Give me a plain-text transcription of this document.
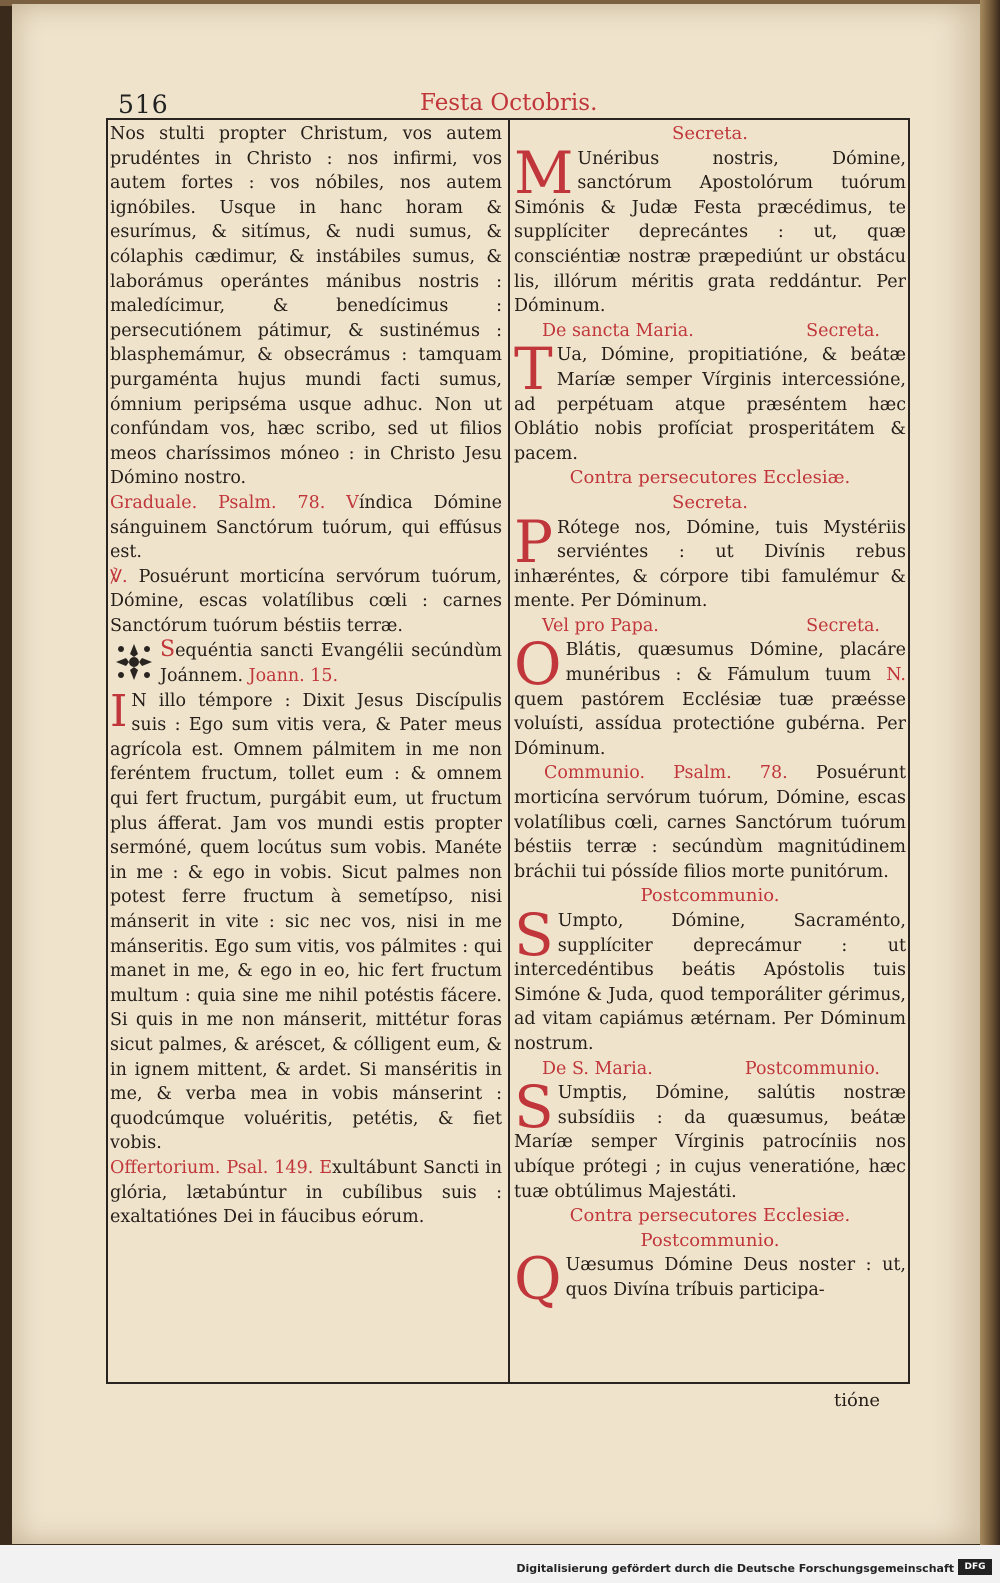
516	Festa Octobris.

Nos stulti propter Christum, vos autem prudéntes in Christo : nos infirmi, vos autem fortes : vos nóbiles, nos autem ignóbiles. Usque in hanc horam & esurímus, & sitímus, & nudi sumus, & cólaphis cædimur, & instábiles sumus, & laborámus operántes mánibus nostris : maledícimur, & benedícimus : persecutiónem pátimur, & sustinémus : blasphemámur, & obsecrámus : tamquam purgaménta hujus mundi facti sumus, ómnium peripséma usque adhuc. Non ut confúndam vos, hæc scribo, sed ut filios meos charíssimos móneo : in Christo Jesu Dómino nostro.

Graduale. Psalm. 78. Víndica Dómine sánguinem Sanctórum tuórum, qui effúsus est.

℣. Posuérunt morticína servórum tuórum, Dómine, escas volatílibus cœli : carnes Sanctórum tuórum béstiis terræ.

Sequéntia sancti Evangélii secúndùm Joánnem. Joann. 15.

I N illo témpore : Dixit Jesus Discípulis suis : Ego sum vitis vera, & Pater meus agrícola est. Omnem pálmitem in me non feréntem fructum, tollet eum : & omnem qui fert fructum, purgábit eum, ut fructum plus áfferat. Jam vos mundi estis propter sermóné, quem locútus sum vobis. Manéte in me : & ego in vobis. Sicut palmes non potest ferre fructum à semetípso, nisi mánserit in vite : sic nec vos, nisi in me mánseritis. Ego sum vitis, vos pálmites : qui manet in me, & ego in eo, hic fert fructum multum : quia sine me nihil potéstis fácere. Si quis in me non mánserit, mittétur foras sicut palmes, & aréscet, & cólligent eum, & in ignem mittent, & ardet. Si manséritis in me, & verba mea in vobis mánserint : quodcúmque voluéritis, petétis, & fiet vobis.

Offertorium. Psal. 149. Exultábunt Sancti in glória, lætabúntur in cubílibus suis : exaltatiónes Dei in fáucibus eórum.

Secreta.

M Unéribus nostris, Dómine, sanctórum Apostolórum tuórum Simónis & Judæ Festa præcédimus, te supplíciter deprecántes : ut, quæ consciéntiæ nostræ præpediúnt ur obstácu lis, illórum méritis grata reddántur. Per Dóminum.

De sancta Maria.	Secreta.

T Ua, Dómine, propitiatióne, & beátæ Maríæ semper Vírginis intercessióne, ad perpétuam atque præséntem hæc Oblátio nobis profíciat prosperitátem & pacem.

Contra persecutores Ecclesiæ.

Secreta.

P Rótege nos, Dómine, tuis Mystériis serviéntes : ut Divínis rebus inhæréntes, & córpore tibi famulémur & mente. Per Dóminum.

Vel pro Papa.	Secreta.

O Blátis, quæsumus Dómine, placáre munéribus : & Fámulum tuum N. quem pastórem Ecclésiæ tuæ præésse voluísti, assídua protectióne gubérna. Per Dóminum.

Communio. Psalm. 78. Posuérunt morticína servórum tuórum, Dómine, escas volatílibus cœli, carnes Sanctórum tuórum béstiis terræ : secúndùm magnitúdinem bráchii tui póssíde filios morte punitórum.

Postcommunio.

S Umpto, Dómine, Sacraménto, supplíciter deprecámur : ut intercedéntibus beátis Apóstolis tuis Simóne & Juda, quod temporáliter gérimus, ad vitam capiámus ætérnam. Per Dóminum nostrum.

De S. Maria.	Postcommunio.

S Umptis, Dómine, salútis nostræ subsídiis : da quæsumus, beátæ Maríæ semper Vírginis patrocíniis nos ubíque prótegi ; in cujus veneratióne, hæc tuæ obtúlimus Majestáti.

Contra persecutores Ecclesiæ.

Postcommunio.

Q Uæsumus Dómine Deus noster : ut, quos Divína tríbuis participa-

tióne
Digitalisierung gefördert durch die Deutsche Forschungsgemeinschaft	DFG
